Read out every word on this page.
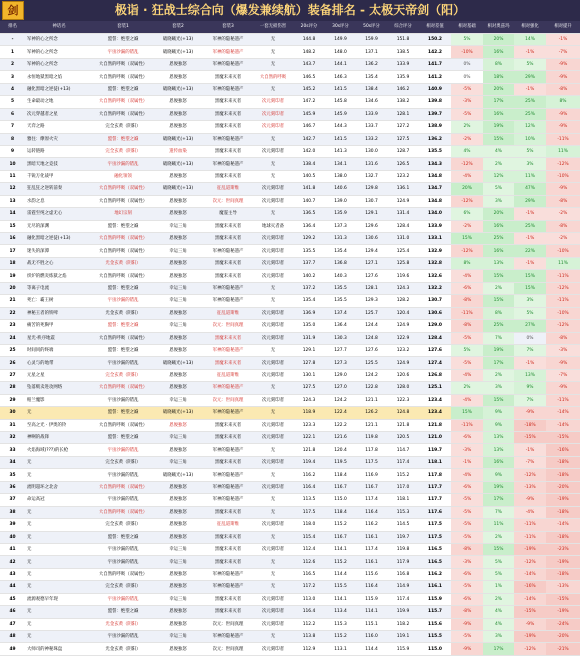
极诣 · 狂战士综合向（爆发兼续航）装备排名 - 太极天帝剑（阳）
剑
排名	神话名	套装1	套装2	套装3	一套无损伤害	20s评分	30s评分	50s评分	综合评分	相对差值	相对基础	相对奥兹玛	相对强化	相对提升
-	军神的心之所念	盟誓：绝望之巅	破晓曦光(+13)	军神的隐秘遗产	无	144.8	149.9	159.9	151.8	150.2	5%	20%	14%	-1%
1	军神的心之所念	宇宙沙漏的错乱	破晓曦光(+13)	军神的隐秘遗产	无	148.2	148.0	137.1	138.5	142.2	-10%	16%	-1%	-7%
2	军神的心之所念	大自然的呼吸（双属性）	恩俊独怒	军神的隐秘遗产	无	143.7	144.1	136.2	133.9	141.7	0%	8%	5%	-9%
3	永恒地狱黑暗之焰	大自然的呼吸（双属性）	恩俊独怒	黑魔未来灭者	大自然的呼吸	146.5	146.3	135.4	135.9	141.2	0%	18%	29%	-9%
4	融化黑暗之逆徒(+13)	盟誓：绝望之巅	破晓曦光(+13)	军神的隐秘遗产	无	145.2	141.5	138.4	146.2	140.9	-5%	20%	-1%	-8%
5	生命最动之地	大自然的呼吸（双属性）	恩俊独怒	黑魔未来灭者	次元刻印者	147.2	145.8	134.6	138.2	139.8	-3%	17%	25%	8%
6	次元穿越者之星	大自然的呼吸（双属性）	恩俊独怒	黑魔未来灭者	次元刻印者	145.9	145.9	133.9	128.1	139.7	-5%	16%	25%	-9%
7	天弈之路	完全玄黄（阴阳）	恩俊独怒	黑魔未来灭者	次元刻印者	146.7	144.3	133.7	127.2	138.9	2%	19%	12%	-9%
8	雅往：燎原火灾	盟誓：绝望之巅	破晓曦光(+13)	军神的隐秘遗产	无	142.7	141.5	133.2	127.5	136.2	-2%	15%	10%	-11%
9	运转链路	完全玄黄（阴阳）	遗传血染	黑魔未来灭者	次元刻印者	142.0	141.3	130.0	128.7	135.5	4%	4%	5%	11%
10	黑暗天地之竞技	宇宙沙漏的错乱	破晓曦光(+13)	军神的隐秘遗产	无	138.4	134.1	131.6	126.5	134.3	-12%	2%	3%	-12%
11	千锐万化战甲	融化领领	恩俊独怒	黑魔未来灭者	无	140.5	138.0	132.7	123.2	134.8	-4%	12%	11%	-10%
12	狂乱狂之逆转前奏	大自然的呼吸（双属性）	破晓曦光(+13)	征乱道斯维	次元刻印者	141.8	140.6	129.8	136.1	134.7	20%	5%	47%	-9%
13	水韵之息	大自然的呼吸（双属性）	恩俊独怒	次元：世间真理	次元刻印者	140.7	139.0	130.7	124.9	134.8	-12%	3%	29%	-8%
14	雷霆至纯之虚无心	地幻宗刻	恩俊独怒	魔霊主导	无	136.5	135.9	129.1	131.4	134.0	6%	20%	-1%	-2%
15	无尽的深渊	盟誓：绝望之巅	幸运三角	黑魔未来灭者	地球灭者备	136.4	137.3	129.6	128.4	133.9	-2%	16%	25%	-8%
16	融化黑暗之逆徒(+13)	大自然的呼吸（双属性）	恩俊独怒	黑魔未来灭者	次元刻印者	129.2	131.3	130.6	131.0	133.1	15%	25%	-1%	-2%
17	迷失的深潭	大自然的呼吸（双属性）	幸运三角	军神的隐秘遗产	次元刻印者	135.5	135.4	129.4	125.4	132.9	-12%	16%	22%	-10%
18	战无不胜之心	光金玄黄（阴阳）	恩俊独怒	黑魔未来灭者	次元刻印者	137.7	136.8	127.1	125.8	132.8	8%	13%	-1%	11%
19	炽炉的燃炎炼狱之焰	大自然的呼吸（双属性）	恩俊独怒	黑魔未来灭者	次元刻印者	140.2	140.3	127.6	119.6	132.6	-4%	15%	15%	-11%
20	等离子电流	盟誓：绝望之巅	幸运三角	军神的隐秘遗产	无	137.2	135.5	128.1	124.3	132.2	-6%	2%	15%	-12%
21	死亡：霸王树	宇宙沙漏的错乱	幸运三角	军神的隐秘遗产	无	135.4	135.5	129.3	128.2	130.7	-8%	15%	3%	-11%
22	神秘王者的铁啤	光金玄黄（阴阳）	恩俊独怒	征乱道斯维	次元刻印者	136.9	137.4	125.7	120.4	130.6	-11%	8%	5%	-10%
23	痛苦的死胸甲	盟誓：绝望之巅	幸运三角	次元：世间真理	次元刻印者	135.0	136.4	124.4	124.9	129.0	-8%	25%	27%	-12%
24	星光·秩序地震	大自然的呼吸（双属性）	恩俊独怒	黑魔未来灭者	次元刻印者	131.9	130.3	124.8	122.9	128.4	-5%	7%	0%	-8%
25	时间同的终端	盟誓：绝望之巅	恩俊独怒	军神的隐秘遗产	无	129.1	127.7	127.6	123.2	127.6	5%	19%	7%	-3%
26	心灵与的地带	宇宙沙漏的错乱	破晓曦光(+13)	黑魔未来灭者	次元刻印者	127.8	127.3	125.5	124.9	127.4	-5%	17%	-1%	-9%
27	元星之星	完全玄黄（阴阳）	恩俊独怒	征乱道斯维	次元刻印者	130.1	129.0	124.2	120.6	126.8	-4%	2%	13%	-7%
28	坠落贩卖进攻网络	大自然的呼吸（双属性）	恩俊独怒	军神的隐秘遗产	无	127.5	127.0	122.8	128.0	125.1	2%	3%	9%	-9%
29	帕兰魔影	宇宙沙漏的错乱	幸运三角	次元：世间真理	次元刻印者	124.3	124.2	121.1	122.3	123.4	-4%	15%	7%	-11%
30	无	盟誓：绝望之巅	破晓曦光(+13)	军神的隐秘遗产	无	118.9	122.4	126.2	124.8	123.4	15%	9%	-9%	-14%
31	至高之光 · 伊奥的铃	大自然的呼吸（双属性）	恩俊独怒	黑魔未来灭者	次元刻印者	123.3	122.2	121.1	121.8	121.8	-11%	9%	-18%	-14%
32	神啊的战锋	盟誓：绝望之巅	幸运三角	黑魔未来灭者	次元刻印者	122.1	121.6	119.8	120.5	121.0	-6%	13%	-15%	-15%
33	火焰海域(???)的长枪	宇宙沙漏的错乱	恩俊独怒	军神的隐秘遗产	无	121.8	120.4	117.8	114.7	119.7	-3%	13%	-1%	-16%
34	无	完全玄黄（阴阳）	幸运三角	黑魔未来灭者	次元刻印者	119.4	119.5	117.5	117.4	118.1	-1%	16%	-7%	-18%
35	无	宇宙沙漏的错乱	破晓曦光(+13)	军神的隐秘遗产	无	116.2	118.4	116.9	115.2	117.8	-4%	9%	-12%	-18%
36	流明超环之北舍	大自然的呼吸（双属性）	恩俊独怒	军神的隐秘遗产	次元刻印者	116.4	116.7	116.7	117.0	117.7	-6%	19%	-13%	-20%
37	命运高冠	宇宙沙漏的错乱	恩俊独怒	军神的隐秘遗产	无	113.5	115.0	117.4	118.1	117.7	-5%	17%	-9%	-19%
38	无	大自然的呼吸（双属性）	恩俊独怒	黑魔未来灭者	无	117.5	118.4	116.4	115.3	117.6	-5%	7%	-4%	-18%
39	无	完全玄黄（阴阳）	恩俊独怒	征乱道斯维	次元刻印者	118.0	115.2	116.2	114.5	117.5	-5%	11%	-11%	-14%
40	无	盟誓：绝望之巅	恩俊独怒	黑魔未来灭者	无	115.4	116.7	116.1	119.7	117.5	-5%	2%	-11%	-18%
41	无	宇宙沙漏的错乱	幸运三角	黑魔未来灭者	次元刻印者	112.4	114.1	117.4	119.8	116.5	-8%	15%	-19%	-23%
42	无	宇宙沙漏的错乱	幸运三角	黑魔未来灭者	无	112.6	115.2	116.1	117.9	116.5	-3%	5%	-12%	-19%
43	无	大自然的呼吸（双属性）	恩俊独怒	军神的隐秘遗产	无	116.5	114.4	115.6	116.8	116.2	-6%	5%	-14%	-18%
44	无	完全玄黄（阴阳）	恩俊独怒	军神的隐秘遗产	无	117.2	115.5	116.4	114.9	116.1	-5%	1%	-16%	-13%
45	流源观德早年现	宇宙沙漏的错乱	幸运三角	黑魔未来灭者	次元刻印者	113.0	114.1	115.9	117.4	115.9	-6%	2%	-14%	-15%
46	无	盟誓：绝望之巅	恩俊独怒	黑魔未来灭者	次元刻印者	116.4	113.4	114.1	119.9	115.7	-8%	4%	-15%	-19%
47	无	光金玄黄（阴阳）	恩俊独怒	次元：世间真理	次元刻印者	112.2	115.3	115.1	118.2	115.6	-9%	4%	-9%	-24%
48	无	宇宙沙漏的错乱	幸运三角	军神的隐秘遗产	无	113.8	115.2	116.0	119.1	115.5	-5%	3%	-19%	-20%
49	大师司的神秘珠盘	光金玄黄（阴阳）	恩俊独怒	次元：世间真理	次元刻印者	112.9	113.1	114.4	115.9	115.0	-9%	17%	-12%	-21%
